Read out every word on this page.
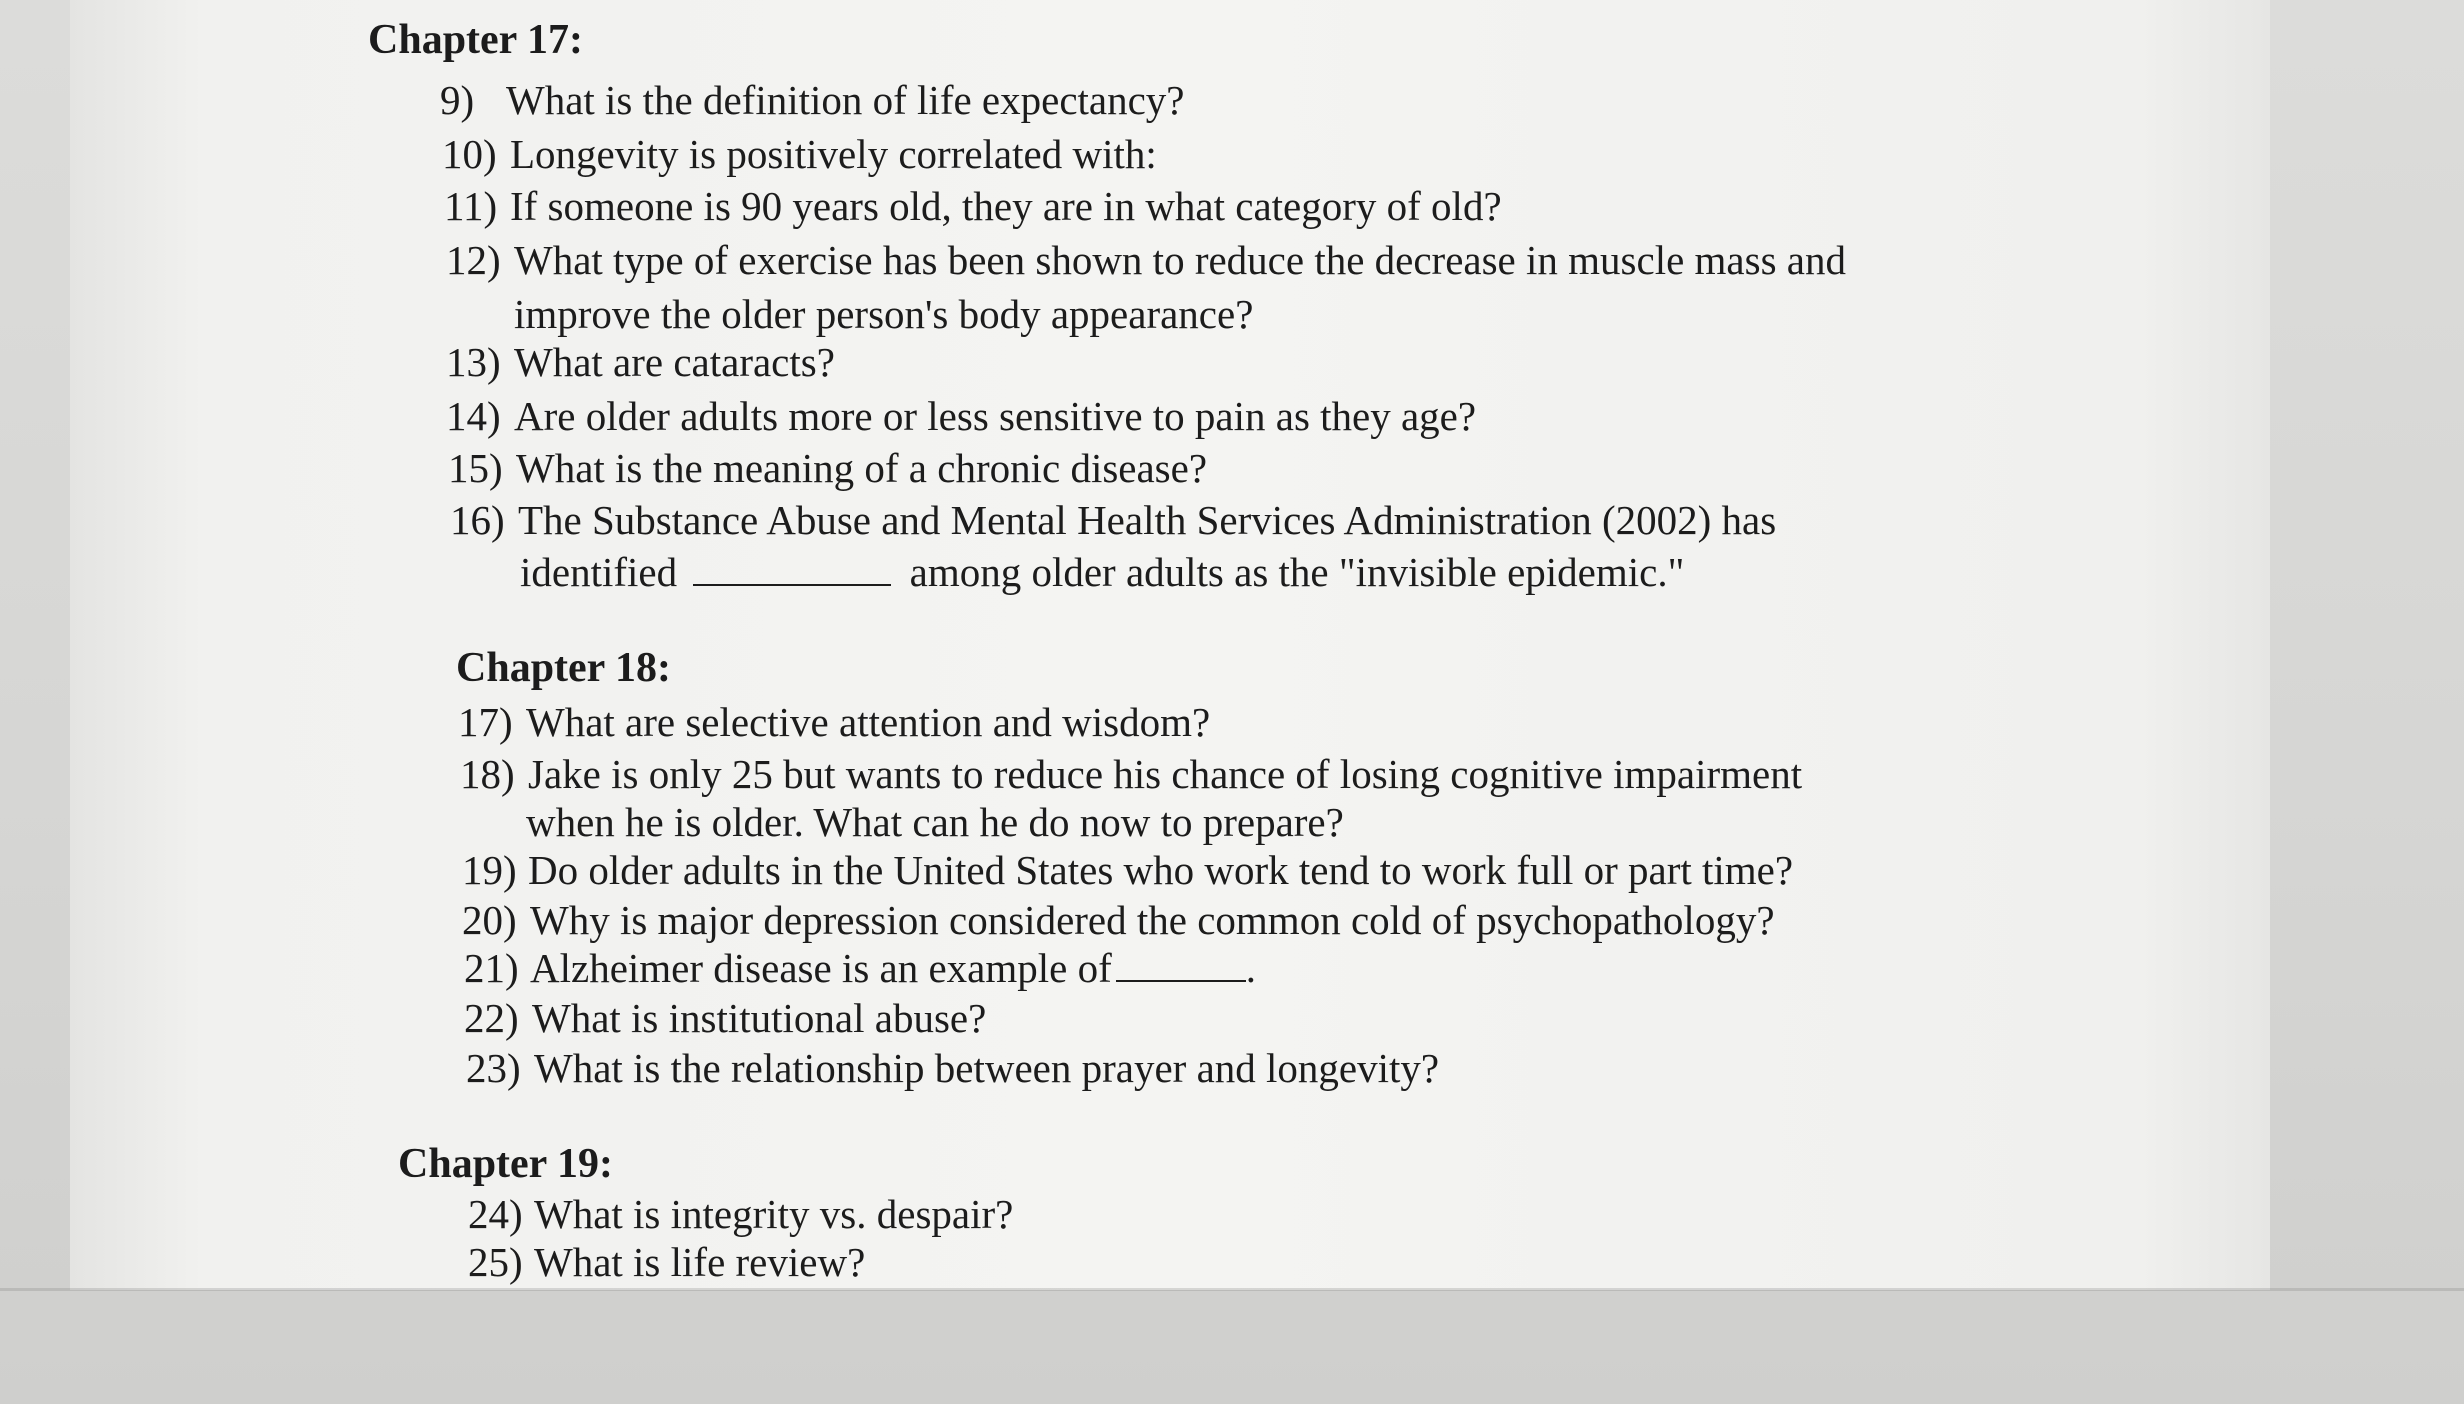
Chapter 17:
9) What is the definition of life expectancy?
10) Longevity is positively correlated with:
11) If someone is 90 years old, they are in what category of old?
12) What type of exercise has been shown to reduce the decrease in muscle mass and
improve the older person's body appearance?
13) What are cataracts?
14) Are older adults more or less sensitive to pain as they age?
15) What is the meaning of a chronic disease?
16) The Substance Abuse and Mental Health Services Administration (2002) has
identified	among older adults as the "invisible epidemic."
Chapter 18:
17) What are selective attention and wisdom?
18) Jake is only 25 but wants to reduce his chance of losing cognitive impairment
when he is older. What can he do now to prepare?
19) Do older adults in the United States who work tend to work full or part time?
20) Why is major depression considered the common cold of psychopathology?
21) Alzheimer disease is an example of	.
22) What is institutional abuse?
23) What is the relationship between prayer and longevity?
Chapter 19:
24) What is integrity vs. despair?
25) What is life review?
